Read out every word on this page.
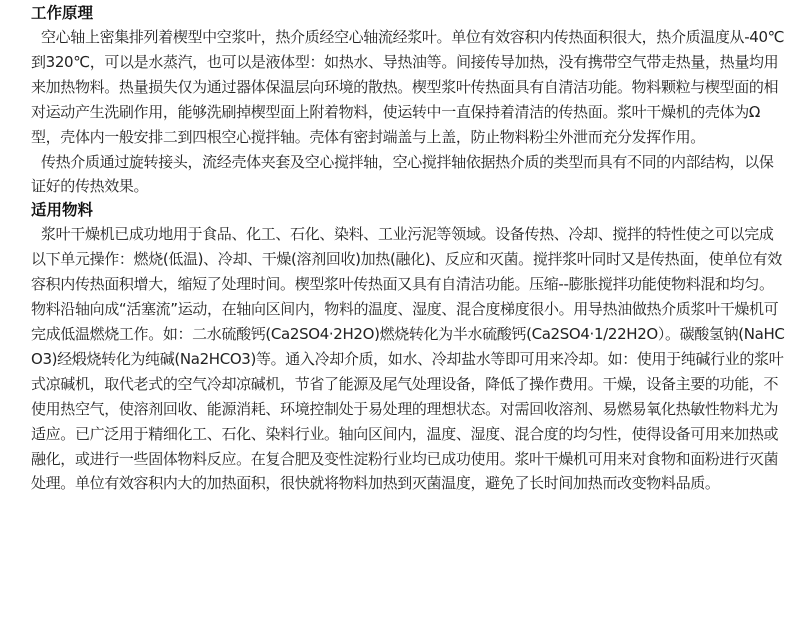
工作原理

空心轴上密集排列着楔型中空浆叶，热介质经空心轴流经浆叶。单位有效容积内传热面积很大，热介质温度从-40℃到320℃，可以是水蒸汽，也可以是液体型：如热水、导热油等。间接传导加热，没有携带空气带走热量，热量均用来加热物料。热量损失仅为通过器体保温层向环境的散热。楔型浆叶传热面具有自清洁功能。物料颗粒与楔型面的相对运动产生洗刷作用，能够洗刷掉楔型面上附着物料，使运转中一直保持着清洁的传热面。浆叶干燥机的壳体为Ω型，壳体内一般安排二到四根空心搅拌轴。壳体有密封端盖与上盖，防止物料粉尘外泄而充分发挥作用。

传热介质通过旋转接头，流经壳体夹套及空心搅拌轴，空心搅拌轴依据热介质的类型而具有不同的内部结构，以保证好的传热效果。

适用物料

浆叶干燥机已成功地用于食品、化工、石化、染料、工业污泥等领域。设备传热、冷却、搅拌的特性使之可以完成以下单元操作：燃烧(低温)、冷却、干燥(溶剂回收)加热(融化)、反应和灭菌。搅拌浆叶同时又是传热面，使单位有效容积内传热面积增大，缩短了处理时间。楔型浆叶传热面又具有自清洁功能。压缩--膨胀搅拌功能使物料混和均匀。物料沿轴向成“活塞流”运动，在轴向区间内，物料的温度、湿度、混合度梯度很小。用导热油做热介质浆叶干燥机可完成低温燃烧工作。如：二水硫酸钙(Ca2SO4·2H2O)燃烧转化为半水硫酸钙(Ca2SO4·1/22H2O）。碳酸氢钠(NaHCO3)经煅烧转化为纯碱(Na2HCO3)等。通入冷却介质，如水、冷却盐水等即可用来冷却。如：使用于纯碱行业的浆叶式凉碱机，取代老式的空气冷却凉碱机，节省了能源及尾气处理设备，降低了操作费用。干燥，设备主要的功能，不使用热空气，使溶剂回收、能源消耗、环境控制处于易处理的理想状态。对需回收溶剂、易燃易氧化热敏性物料尤为适应。已广泛用于精细化工、石化、染料行业。轴向区间内，温度、湿度、混合度的均匀性，使得设备可用来加热或融化，或进行一些固体物料反应。在复合肥及变性淀粉行业均已成功使用。浆叶干燥机可用来对食物和面粉进行灭菌处理。单位有效容积内大的加热面积，很快就将物料加热到灭菌温度，避免了长时间加热而改变物料品质。
